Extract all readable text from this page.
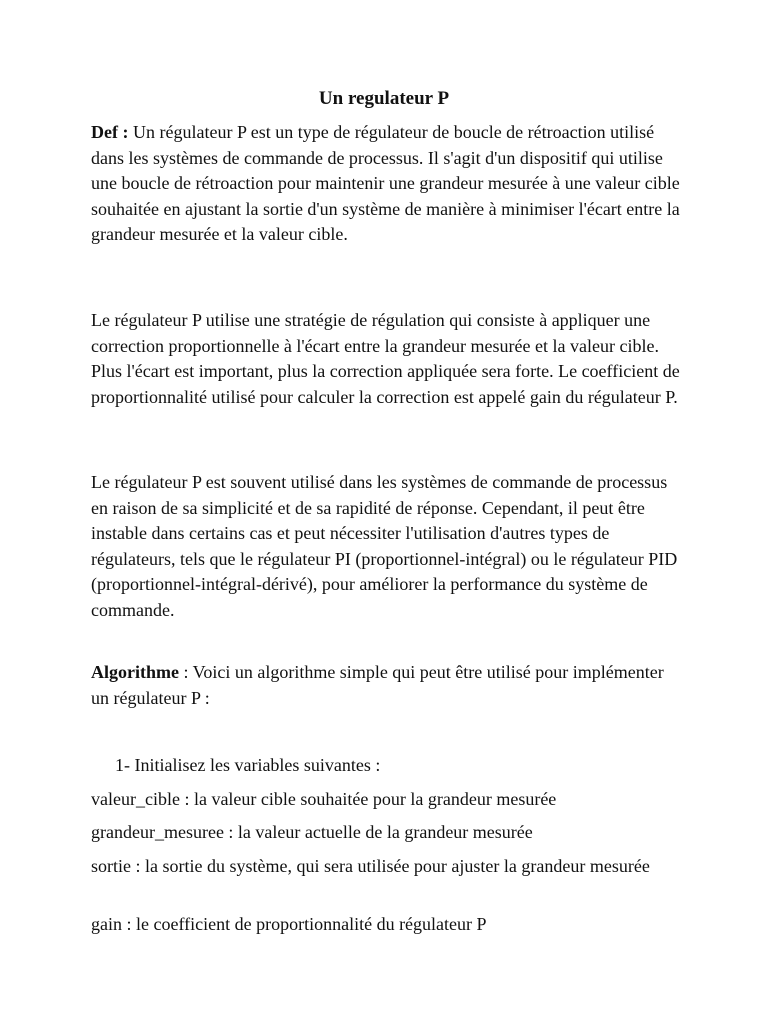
Un regulateur P
Def : Un régulateur P est un type de régulateur de boucle de rétroaction utilisé dans les systèmes de commande de processus. Il s'agit d'un dispositif qui utilise une boucle de rétroaction pour maintenir une grandeur mesurée à une valeur cible souhaitée en ajustant la sortie d'un système de manière à minimiser l'écart entre la grandeur mesurée et la valeur cible.
Le régulateur P utilise une stratégie de régulation qui consiste à appliquer une correction proportionnelle à l'écart entre la grandeur mesurée et la valeur cible. Plus l'écart est important, plus la correction appliquée sera forte. Le coefficient de proportionnalité utilisé pour calculer la correction est appelé gain du régulateur P.
Le régulateur P est souvent utilisé dans les systèmes de commande de processus en raison de sa simplicité et de sa rapidité de réponse. Cependant, il peut être instable dans certains cas et peut nécessiter l'utilisation d'autres types de régulateurs, tels que le régulateur PI (proportionnel-intégral) ou le régulateur PID (proportionnel-intégral-dérivé), pour améliorer la performance du système de commande.
Algorithme : Voici un algorithme simple qui peut être utilisé pour implémenter un régulateur P :
1- Initialisez les variables suivantes :
valeur_cible : la valeur cible souhaitée pour la grandeur mesurée
grandeur_mesuree : la valeur actuelle de la grandeur mesurée
sortie : la sortie du système, qui sera utilisée pour ajuster la grandeur mesurée
gain : le coefficient de proportionnalité du régulateur P
